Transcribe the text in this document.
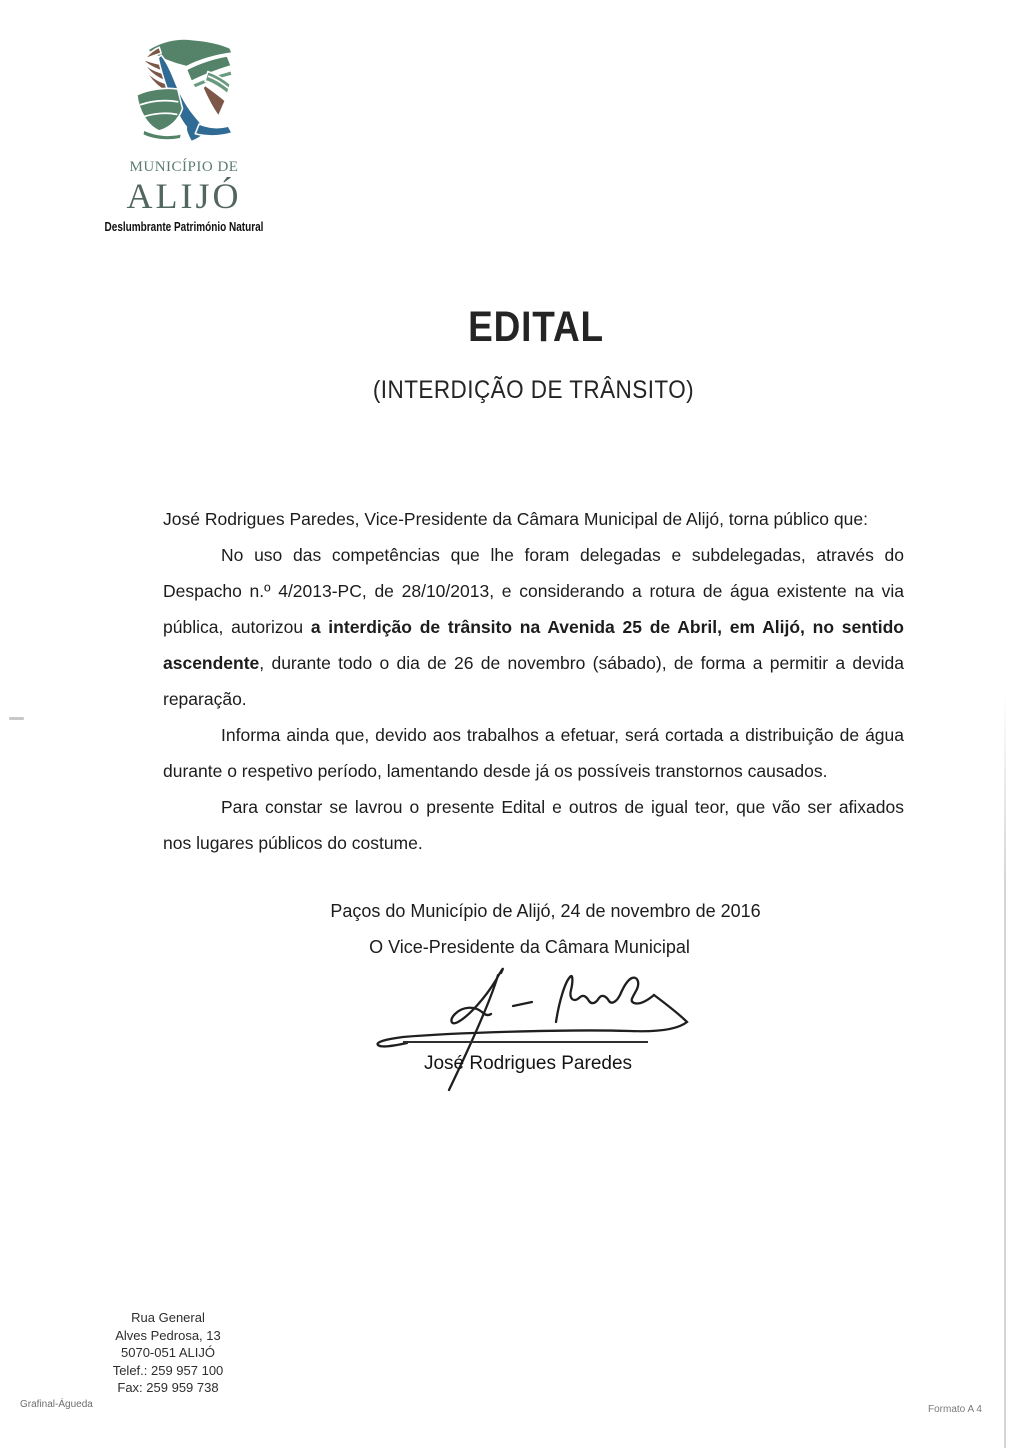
MUNICÍPIO DE
ALIJÓ
Deslumbrante Património Natural
EDITAL
(INTERDIÇÃO DE TRÂNSITO)

José Rodrigues Paredes, Vice-Presidente da Câmara Municipal de Alijó, torna público que:

No uso das competências que lhe foram delegadas e subdelegadas, através do Despacho n.º 4/2013-PC, de 28/10/2013, e considerando a rotura de água existente na via pública, autorizou a interdição de trânsito na Avenida 25 de Abril, em Alijó, no sentido ascendente, durante todo o dia de 26 de novembro (sábado), de forma a permitir a devida reparação.

Informa ainda que, devido aos trabalhos a efetuar, será cortada a distribuição de água durante o respetivo período, lamentando desde já os possíveis transtornos causados.

Para constar se lavrou o presente Edital e outros de igual teor, que vão ser afixados nos lugares públicos do costume.

Paços do Município de Alijó, 24 de novembro de 2016
O Vice-Presidente da Câmara Municipal
José Rodrigues Paredes
Rua General
Alves Pedrosa, 13
5070-051 ALIJÓ
Telef.: 259 957 100
Fax: 259 959 738
Grafinal-Águeda	Formato A 4
